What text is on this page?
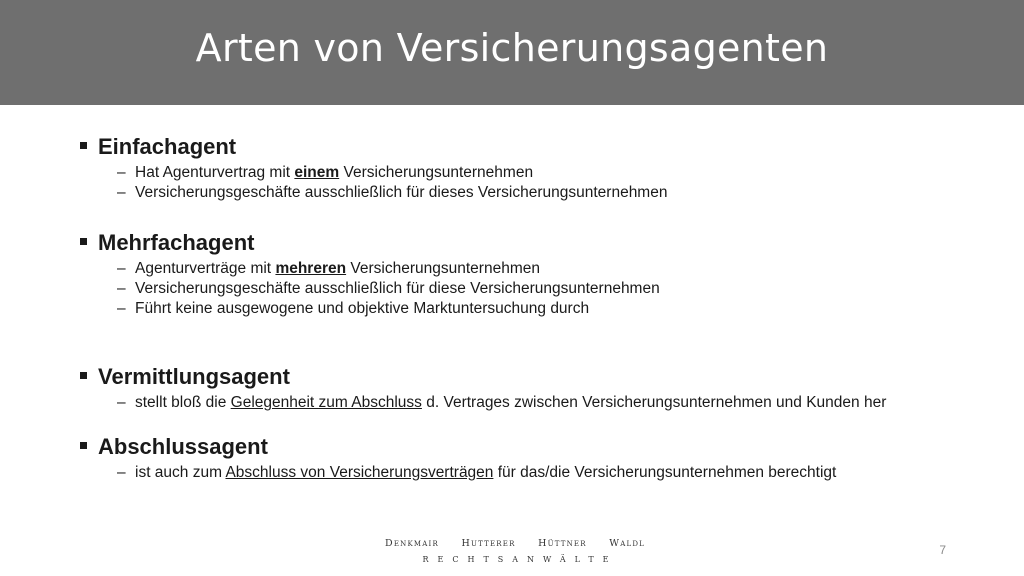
Arten von Versicherungsagenten
Einfachagent
– Hat Agenturvertrag mit einem Versicherungsunternehmen
– Versicherungsgeschäfte ausschließlich für dieses Versicherungsunternehmen
Mehrfachagent
– Agenturverträge mit mehreren Versicherungsunternehmen
– Versicherungsgeschäfte ausschließlich für diese Versicherungsunternehmen
– Führt keine ausgewogene und objektive Marktuntersuchung durch
Vermittlungsagent
– stellt bloß die Gelegenheit zum Abschluss d. Vertrages zwischen Versicherungsunternehmen und Kunden her
Abschlussagent
– ist auch zum Abschluss von Versicherungsverträgen für das/die Versicherungsunternehmen berechtigt
Denkmair Hutterer Hüttner Waldl
RECHTSANWÄLTE
7
